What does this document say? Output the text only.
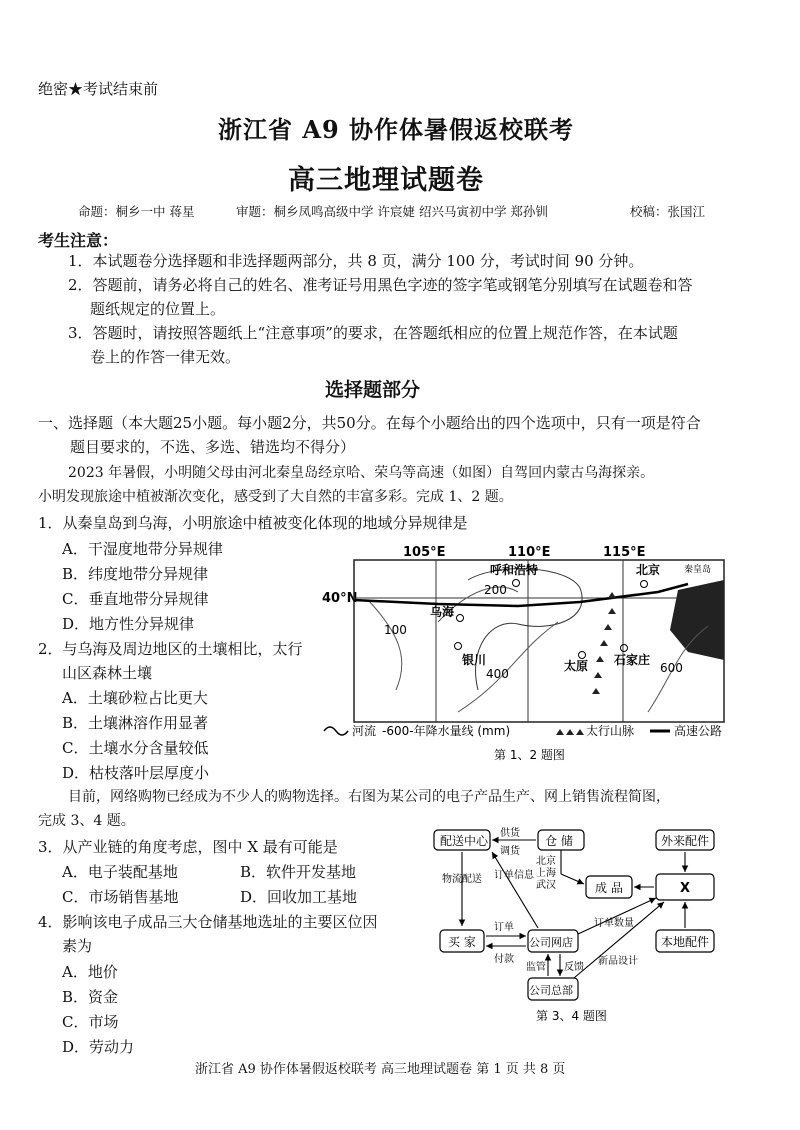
绝密★考试结束前
浙江省 A9 协作体暑假返校联考
高三地理试题卷
命题：桐乡一中 蒋星	审题：桐乡凤鸣高级中学 许宸婕 绍兴马寅初中学 郑孙钏	校稿：张国江
考生注意：
1．本试题卷分选择题和非选择题两部分，共 8 页，满分 100 分，考试时间 90 分钟。
2．答题前，请务必将自己的姓名、准考证号用黑色字迹的签字笔或钢笔分别填写在试题卷和答
题纸规定的位置上。
3．答题时，请按照答题纸上“注意事项”的要求，在答题纸相应的位置上规范作答，在本试题
卷上的作答一律无效。
选择题部分
一、选择题（本大题25小题。每小题2分，共50分。在每个小题给出的四个选项中，只有一项是符合
题目要求的，不选、多选、错选均不得分）
2023 年暑假，小明随父母由河北秦皇岛经京哈、荣乌等高速（如图）自驾回内蒙古乌海探亲。
小明发现旅途中植被渐次变化，感受到了大自然的丰富多彩。完成 1、2 题。
1．从秦皇岛到乌海，小明旅途中植被变化体现的地域分异规律是
A．干湿度地带分异规律
B．纬度地带分异规律
C．垂直地带分异规律
D．地方性分异规律
2．与乌海及周边地区的土壤相比，太行
山区森林土壤
A．土壤砂粒占比更大
B．土壤淋溶作用显著
C．土壤水分含量较低
D．枯枝落叶层厚度小
105°E	110°E	115°E
40°N
呼和浩特	北京	秦皇岛
乌海
银川	太原 石家庄
200
100
400	600
河流 -600-年降水量线 (mm)	太行山脉	高速公路
第 1、2 题图
目前，网络购物已经成为不少人的购物选择。右图为某公司的电子产品生产、网上销售流程简图，
完成 3、4 题。
3．从产业链的角度考虑，图中 X 最有可能是
A．电子装配基地	B．软件开发基地
C．市场销售基地	D．回收加工基地
4．影响该电子成品三大仓储基地选址的主要区位因
素为
A．地价
B．资金
C．市场
D．劳动力
配送中心	仓 储	外来配件
成 品	X
买 家	公司网店	本地配件
公司总部
北京
上海
武汉
供货
调货
订单信息
物流配送
订单
付款
监管 反馈
订单数量
新品设计
第 3、4 题图
浙江省 A9 协作体暑假返校联考 高三地理试题卷 第 1 页 共 8 页
